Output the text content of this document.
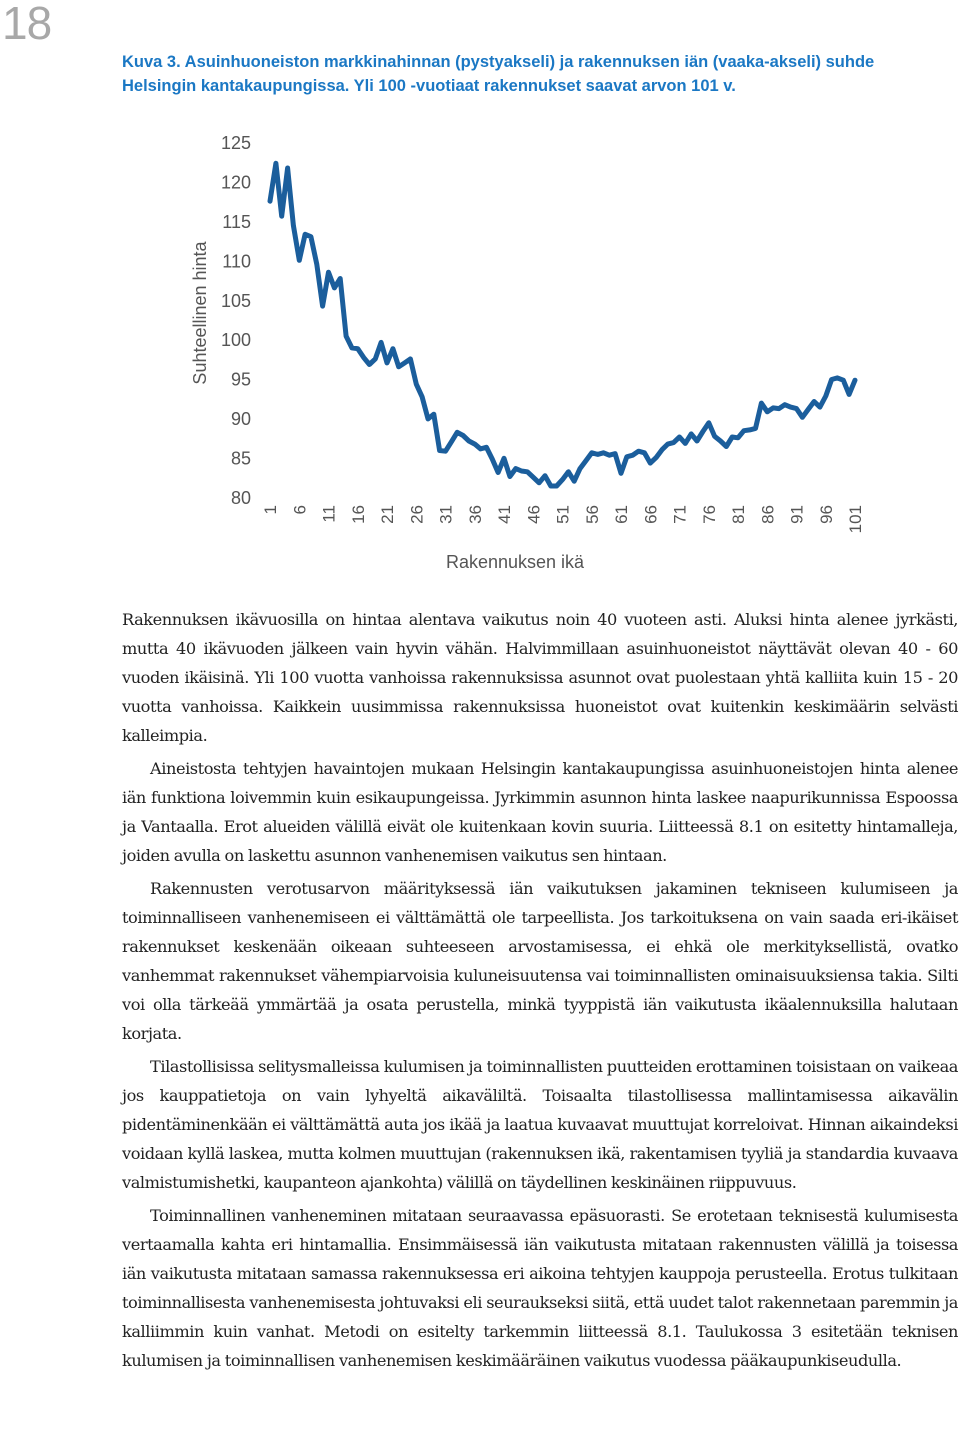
18
Kuva 3. Asuinhuoneiston markkinahinnan (pystyakseli) ja rakennuksen iän (vaaka-akseli) suhde Helsingin kantakaupungissa. Yli 100 -vuotiaat rakennukset saavat arvon 101 v.
125
120
115
110
105
100
95
90
85
80
1 6 11 16 21 26 31 36 41 46 51 56 61 66 71 76 81 86 91 96 101
Suhteellinen hinta
Rakennuksen ikä

Rakennuksen ikävuosilla on hintaa alentava vaikutus noin 40 vuoteen asti. Aluksi hinta alenee jyrkästi, mutta 40 ikävuoden jälkeen vain hyvin vähän. Halvimmillaan asuinhuoneistot näyttävät olevan 40 - 60 vuoden ikäisinä. Yli 100 vuotta vanhoissa rakennuksissa asunnot ovat puolestaan yhtä kalliita kuin 15 - 20 vuotta vanhoissa. Kaikkein uusimmissa rakennuksissa huoneistot ovat kuitenkin keskimäärin selvästi kalleimpia.

Aineistosta tehtyjen havaintojen mukaan Helsingin kantakaupungissa asuinhuoneistojen hinta alenee iän funktiona loivemmin kuin esikaupungeissa. Jyrkimmin asunnon hinta laskee naapurikunnissa Espoossa ja Vantaalla. Erot alueiden välillä eivät ole kuitenkaan kovin suuria. Liitteessä 8.1 on esitetty hintamalleja, joiden avulla on laskettu asunnon vanhenemisen vaikutus sen hintaan.

Rakennusten verotusarvon määrityksessä iän vaikutuksen jakaminen tekniseen kulumiseen ja toiminnalliseen vanhenemiseen ei välttämättä ole tarpeellista. Jos tarkoituksena on vain saada eri-ikäiset rakennukset keskenään oikeaan suhteeseen arvostamisessa, ei ehkä ole merkityksellistä, ovatko vanhemmat rakennukset vähempiarvoisia kuluneisuutensa vai toiminnallisten ominaisuuksiensa takia. Silti voi olla tärkeää ymmärtää ja osata perustella, minkä tyyppistä iän vaikutusta ikäalennuksilla halutaan korjata.

Tilastollisissa selitysmalleissa kulumisen ja toiminnallisten puutteiden erottaminen toisistaan on vaikeaa jos kauppatietoja on vain lyhyeltä aikaväliltä. Toisaalta tilastollisessa mallintamisessa aikavälin pidentäminenkään ei välttämättä auta jos ikää ja laatua kuvaavat muuttujat korreloivat. Hinnan aikaindeksi voidaan kyllä laskea, mutta kolmen muuttujan (rakennuksen ikä, rakentamisen tyyliä ja standardia kuvaava valmistumishetki, kaupanteon ajankohta) välillä on täydellinen keskinäinen riippuvuus.

Toiminnallinen vanheneminen mitataan seuraavassa epäsuorasti. Se erotetaan teknisestä kulumisesta vertaamalla kahta eri hintamallia. Ensimmäisessä iän vaikutusta mitataan rakennusten välillä ja toisessa iän vaikutusta mitataan samassa rakennuksessa eri aikoina tehtyjen kauppoja perusteella. Erotus tulkitaan toiminnallisesta vanhenemisesta johtuvaksi eli seuraukseksi siitä, että uudet talot rakennetaan paremmin ja kalliimmin kuin vanhat. Metodi on esitelty tarkemmin liitteessä 8.1. Taulukossa 3 esitetään teknisen kulumisen ja toiminnallisen vanhenemisen keskimääräinen vaikutus vuodessa pääkaupunkiseudulla.
